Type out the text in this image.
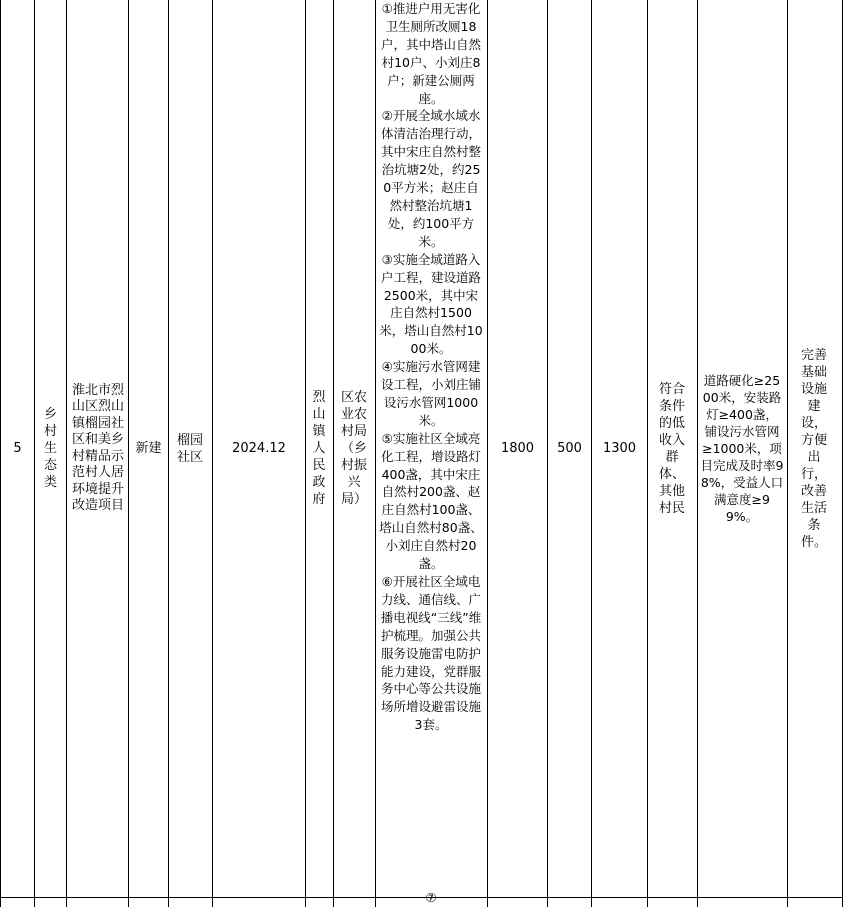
5
乡村生态类
淮北市烈山区烈山镇榴园社区和美乡村精品示范村人居环境提升改造项目
新建
榴园社区
2024.12
烈山镇人民政府
区农业农村局（乡村振兴局）
①推进户用无害化卫生厕所改厕18户，其中塔山自然村10户、小刘庄8户；新建公厕两座。
②开展全域水域水体清洁治理行动，其中宋庄自然村整治坑塘2处，约250平方米；赵庄自然村整治坑塘1处，约100平方米。
③实施全域道路入户工程，建设道路2500米，其中宋庄自然村1500米，塔山自然村1000米。
④实施污水管网建设工程，小刘庄铺设污水管网1000米。
⑤实施社区全域亮化工程，增设路灯400盏，其中宋庄自然村200盏、赵庄自然村100盏、塔山自然村80盏、小刘庄自然村20盏。
⑥开展社区全域电力线、通信线、广播电视线“三线”维护梳理。加强公共服务设施雷电防护能力建设，党群服务中心等公共设施场所增设避雷设施3套。
1800 500 1300
符合条件的低收入群体、其他村民
道路硬化≥2500米，安装路灯≥400盏，铺设污水管网≥1000米，项目完成及时率98%，受益人口满意度≥99%。
完善基础设施建设，方便出行，改善生活条件。
⑦
